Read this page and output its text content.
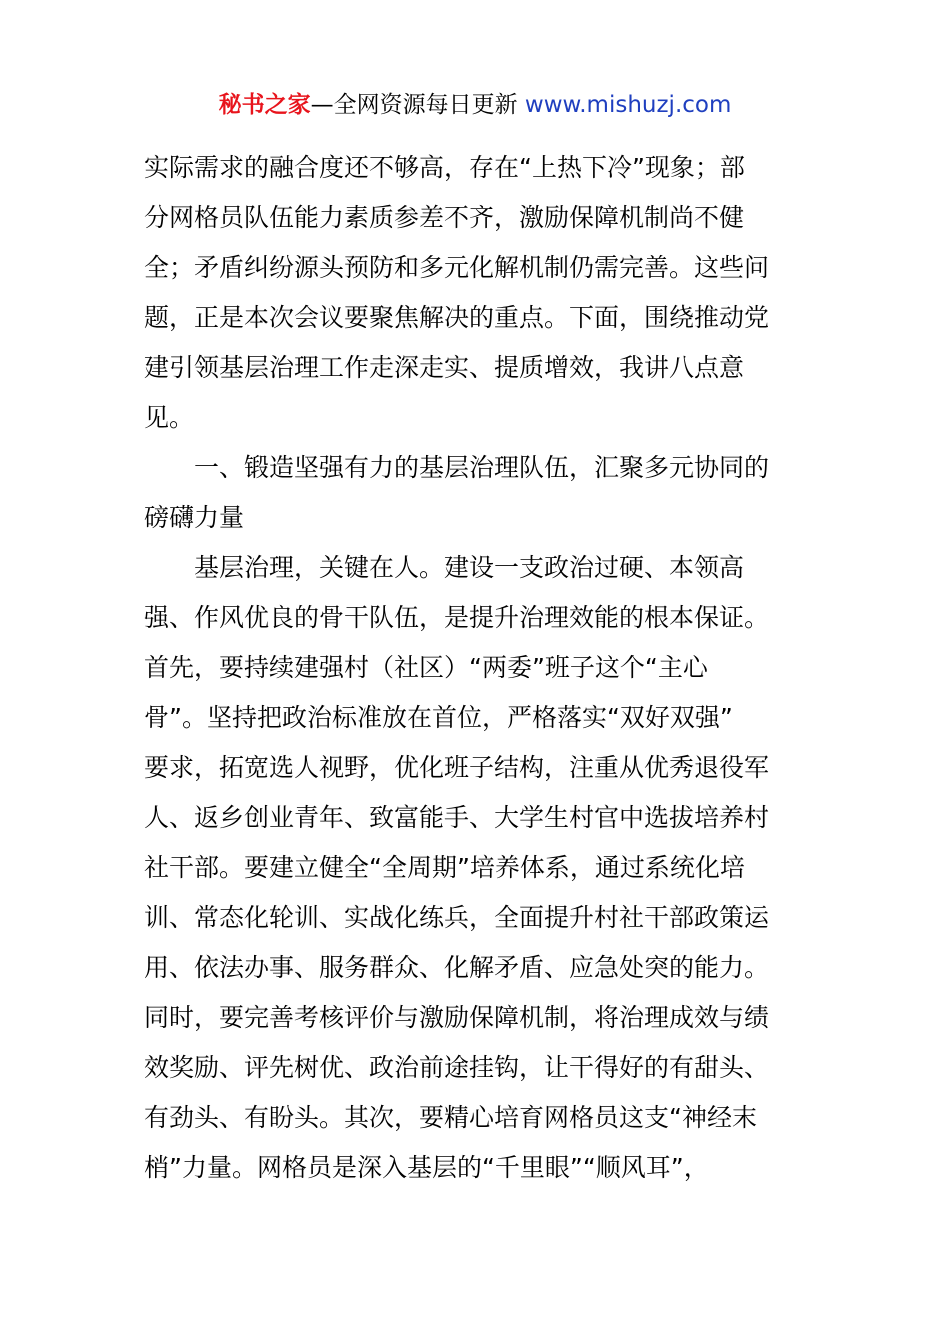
秘书之家—全网资源每日更新 www.mishuzj.com
实际需求的融合度还不够高，存在“上热下冷”现象；部
分网格员队伍能力素质参差不齐，激励保障机制尚不健
全；矛盾纠纷源头预防和多元化解机制仍需完善。这些问
题，正是本次会议要聚焦解决的重点。下面，围绕推动党
建引领基层治理工作走深走实、提质增效，我讲八点意
见。
一、锻造坚强有力的基层治理队伍，汇聚多元协同的
磅礴力量
基层治理，关键在人。建设一支政治过硬、本领高
强、作风优良的骨干队伍，是提升治理效能的根本保证。
首先，要持续建强村（社区）“两委”班子这个“主心
骨”。坚持把政治标准放在首位，严格落实“双好双强”
要求，拓宽选人视野，优化班子结构，注重从优秀退役军
人、返乡创业青年、致富能手、大学生村官中选拔培养村
社干部。要建立健全“全周期”培养体系，通过系统化培
训、常态化轮训、实战化练兵，全面提升村社干部政策运
用、依法办事、服务群众、化解矛盾、应急处突的能力。
同时，要完善考核评价与激励保障机制，将治理成效与绩
效奖励、评先树优、政治前途挂钩，让干得好的有甜头、
有劲头、有盼头。其次，要精心培育网格员这支“神经末
梢”力量。网格员是深入基层的“千里眼”“顺风耳”，
